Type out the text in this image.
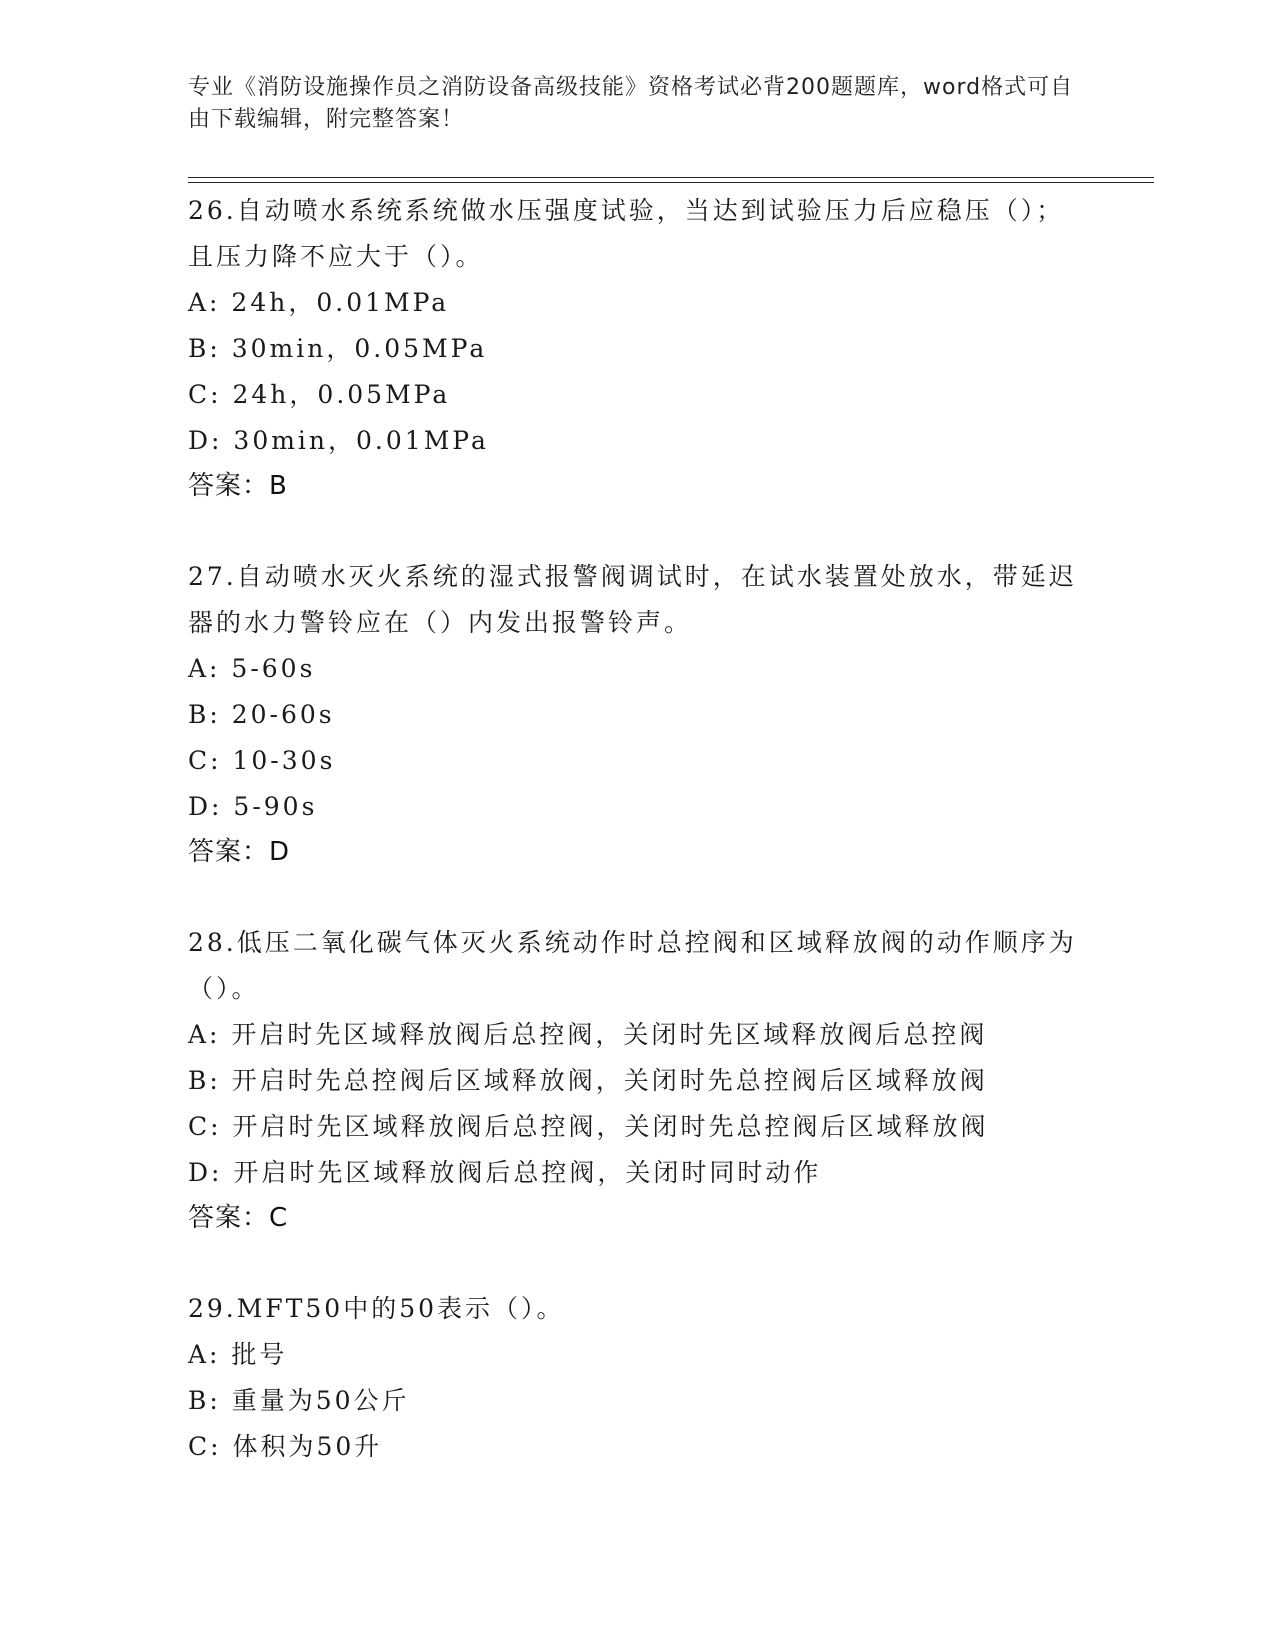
专业《消防设施操作员之消防设备高级技能》资格考试必背200题题库，word格式可自由下载编辑，附完整答案！

26.自动喷水系统系统做水压强度试验，当达到试验压力后应稳压（）；且压力降不应大于（）。

A: 24h，0.01MPa

B: 30min，0.05MPa

C: 24h，0.05MPa

D: 30min，0.01MPa

答案：B

27.自动喷水灭火系统的湿式报警阀调试时，在试水装置处放水，带延迟器的水力警铃应在（）内发出报警铃声。

A: 5-60s

B: 20-60s

C: 10-30s

D: 5-90s

答案：D

28.低压二氧化碳气体灭火系统动作时总控阀和区域释放阀的动作顺序为（）。

A: 开启时先区域释放阀后总控阀，关闭时先区域释放阀后总控阀

B: 开启时先总控阀后区域释放阀，关闭时先总控阀后区域释放阀

C: 开启时先区域释放阀后总控阀，关闭时先总控阀后区域释放阀

D: 开启时先区域释放阀后总控阀，关闭时同时动作

答案：C

29.MFT50中的50表示（）。

A: 批号

B: 重量为50公斤

C: 体积为50升
